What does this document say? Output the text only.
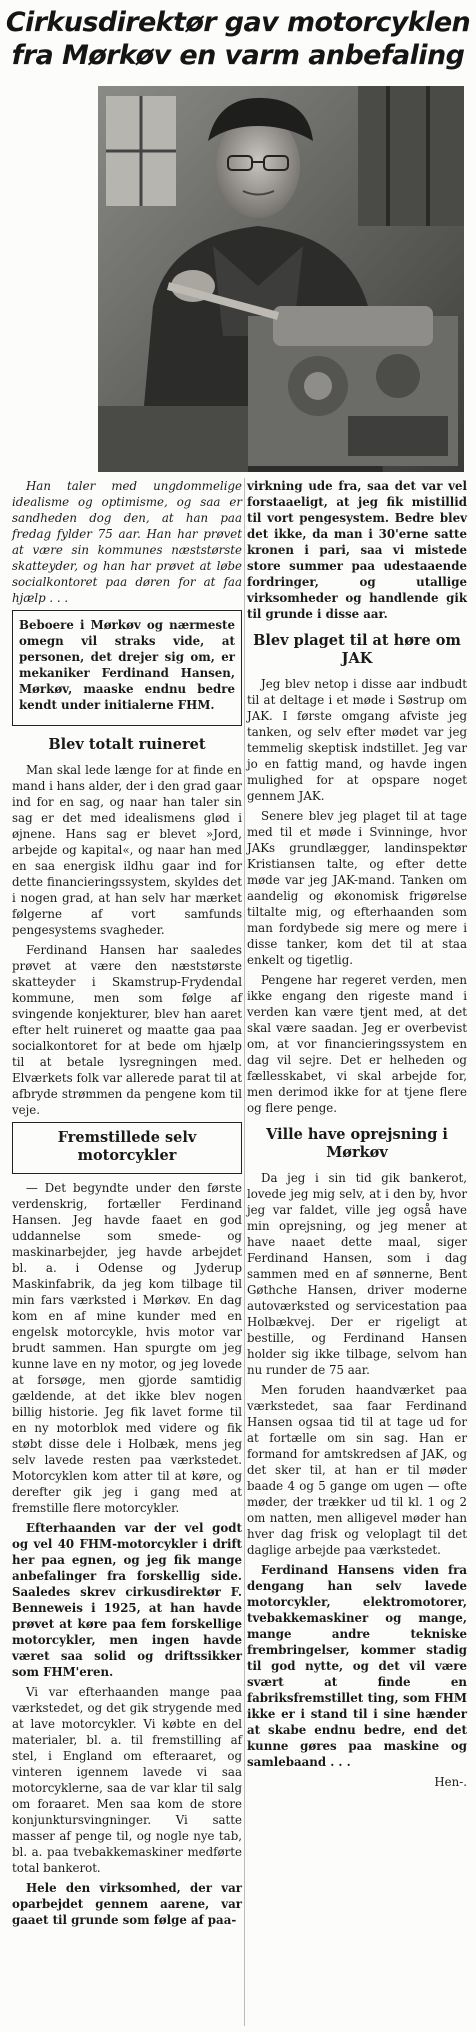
Cirkusdirektør gav motorcyklen fra Mørkøv en varm anbefaling

Han taler med ungdommelige idealisme og optimisme, og saa er sandheden dog den, at han paa fredag fylder 75 aar. Han har prøvet at være sin kommunes næststørste skatteyder, og han har prøvet at løbe socialkontoret paa døren for at faa hjælp . . .

Beboere i Mørkøv og nærmeste omegn vil straks vide, at personen, det drejer sig om, er mekaniker Ferdinand Hansen, Mørkøv, maaske endnu bedre kendt under initialerne FHM.

Blev totalt ruineret

Man skal lede længe for at finde en mand i hans alder, der i den grad gaar ind for en sag, og naar han taler sin sag er det med idealismens glød i øjnene. Hans sag er blevet »Jord, arbejde og kapital«, og naar han med en saa energisk ildhu gaar ind for dette financieringssystem, skyldes det i nogen grad, at han selv har mærket følgerne af vort samfunds pengesystems svagheder.

Ferdinand Hansen har saaledes prøvet at være den næststørste skatteyder i Skamstrup-Frydendal kommune, men som følge af svingende konjekturer, blev han aaret efter helt ruineret og maatte gaa paa socialkontoret for at bede om hjælp til at betale lysregningen med. Elværkets folk var allerede parat til at afbryde strømmen da pengene kom til veje.

Fremstillede selv motorcykler

— Det begyndte under den første verdenskrig, fortæller Ferdinand Hansen. Jeg havde faaet en god uddannelse som smede- og maskinarbejder, jeg havde arbejdet bl. a. i Odense og Jyderup Maskinfabrik, da jeg kom tilbage til min fars værksted i Mørkøv. En dag kom en af mine kunder med en engelsk motorcykle, hvis motor var brudt sammen. Han spurgte om jeg kunne lave en ny motor, og jeg lovede at forsøge, men gjorde samtidig gældende, at det ikke blev nogen billig historie. Jeg fik lavet forme til en ny motorblok med videre og fik støbt disse dele i Holbæk, mens jeg selv lavede resten paa værkstedet. Motorcyklen kom atter til at køre, og derefter gik jeg i gang med at fremstille flere motorcykler.

Efterhaanden var der vel godt og vel 40 FHM-motorcykler i drift her paa egnen, og jeg fik mange anbefalinger fra forskellig side. Saaledes skrev cirkusdirektør F. Benneweis i 1925, at han havde prøvet at køre paa fem forskellige motorcykler, men ingen havde været saa solid og driftssikker som FHM'eren.

Vi var efterhaanden mange paa værkstedet, og det gik strygende med at lave motorcykler. Vi købte en del materialer, bl. a. til fremstilling af stel, i England om efteraaret, og vinteren igennem lavede vi saa motorcyklerne, saa de var klar til salg om foraaret. Men saa kom de store konjunktursvingninger. Vi satte masser af penge til, og nogle nye tab, bl. a. paa tvebakkemaskiner medførte total bankerot.

Hele den virksomhed, der var oparbejdet gennem aarene, var gaaet til grunde som følge af paa-

virkning ude fra, saa det var vel forstaaeligt, at jeg fik mistillid til vort pengesystem. Bedre blev det ikke, da man i 30'erne satte kronen i pari, saa vi mistede store summer paa udestaaende fordringer, og utallige virksomheder og handlende gik til grunde i disse aar.

Blev plaget til at høre om JAK

Jeg blev netop i disse aar indbudt til at deltage i et møde i Søstrup om JAK. I første omgang afviste jeg tanken, og selv efter mødet var jeg temmelig skeptisk indstillet. Jeg var jo en fattig mand, og havde ingen mulighed for at opspare noget gennem JAK.

Senere blev jeg plaget til at tage med til et møde i Svinninge, hvor JAKs grundlægger, landinspektør Kristiansen talte, og efter dette møde var jeg JAK-mand. Tanken om aandelig og økonomisk frigørelse tiltalte mig, og efterhaanden som man fordybede sig mere og mere i disse tanker, kom det til at staa enkelt og tigetlig.

Pengene har regeret verden, men ikke engang den rigeste mand i verden kan være tjent med, at det skal være saadan. Jeg er overbevist om, at vor financieringssystem en dag vil sejre. Det er helheden og fællesskabet, vi skal arbejde for, men derimod ikke for at tjene flere og flere penge.

Ville have oprejsning i Mørkøv

Da jeg i sin tid gik bankerot, lovede jeg mig selv, at i den by, hvor jeg var faldet, ville jeg også have min oprejsning, og jeg mener at have naaet dette maal, siger Ferdinand Hansen, som i dag sammen med en af sønnerne, Bent Gøthche Hansen, driver moderne autoværksted og servicestation paa Holbækvej. Der er rigeligt at bestille, og Ferdinand Hansen holder sig ikke tilbage, selvom han nu runder de 75 aar.

Men foruden haandværket paa værkstedet, saa faar Ferdinand Hansen ogsaa tid til at tage ud for at fortælle om sin sag. Han er formand for amtskredsen af JAK, og det sker til, at han er til møder baade 4 og 5 gange om ugen — ofte møder, der trækker ud til kl. 1 og 2 om natten, men alligevel møder han hver dag frisk og veloplagt til det daglige arbejde paa værkstedet.

Ferdinand Hansens viden fra dengang han selv lavede motorcykler, elektromotorer, tvebakkemaskiner og mange, mange andre tekniske frembringelser, kommer stadig til god nytte, og det vil være svært at finde en fabriksfremstillet ting, som FHM ikke er i stand til i sine hænder at skabe endnu bedre, end det kunne gøres paa maskine og samlebaand . . .

Hen-.
